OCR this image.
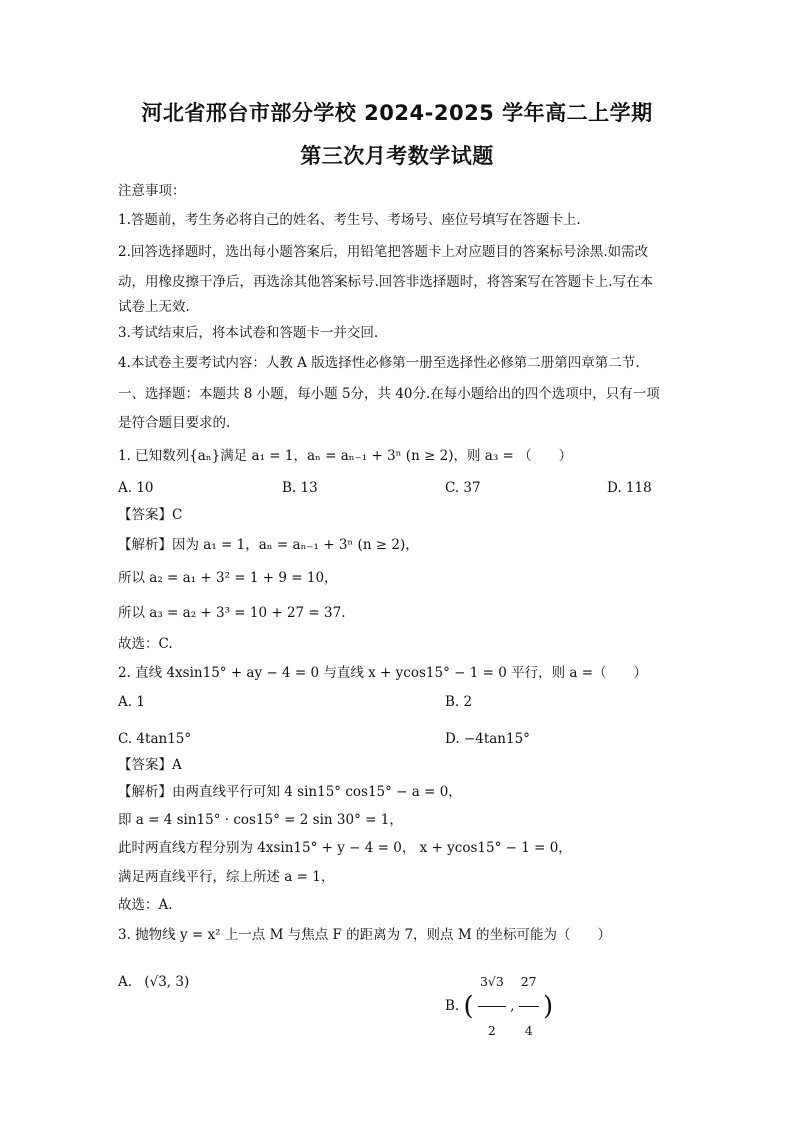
河北省邢台市部分学校 2024-2025 学年高二上学期
第三次月考数学试题
注意事项：
1.答题前，考生务必将自己的姓名、考生号、考场号、座位号填写在答题卡上.
2.回答选择题时，选出每小题答案后，用铅笔把答题卡上对应题目的答案标号涂黑.如需改
动，用橡皮擦干净后，再选涂其他答案标号.回答非选择题时，将答案写在答题卡上.写在本
试卷上无效.
3.考试结束后，将本试卷和答题卡一并交回.
4.本试卷主要考试内容：人教 A 版选择性必修第一册至选择性必修第二册第四章第二节.
一、选择题：本题共 8 小题，每小题 5分，共 40分.在每小题给出的四个选项中，只有一项
是符合题目要求的.
1. 已知数列{aₙ}满足 a₁ = 1，aₙ = aₙ₋₁ + 3ⁿ (n ≥ 2)，则 a₃ = （　　）
A. 10	B. 13	C. 37	D. 118
【答案】C
【解析】因为 a₁ = 1，aₙ = aₙ₋₁ + 3ⁿ (n ≥ 2)，
所以 a₂ = a₁ + 3² = 1 + 9 = 10，
所以 a₃ = a₂ + 3³ = 10 + 27 = 37.
故选：C.
2. 直线 4xsin15° + ay − 4 = 0 与直线 x + ycos15° − 1 = 0 平行，则 a =（　　）
A. 1	B. 2
C. 4tan15°	D. −4tan15°
【答案】A
【解析】由两直线平行可知 4 sin15° cos15° − a = 0，
即 a = 4 sin15° · cos15° = 2 sin 30° = 1，
此时两直线方程分别为 4xsin15° + y − 4 = 0， x + ycos15° − 1 = 0，
满足两直线平行，综上所述 a = 1，
故选：A.
3. 抛物线 y = x² 上一点 M 与焦点 F 的距离为 7，则点 M 的坐标可能为（　　）
A. (√3, 3)
B. ( $\frac{3√3}{2}$ , $\frac{27}{4}$ )
